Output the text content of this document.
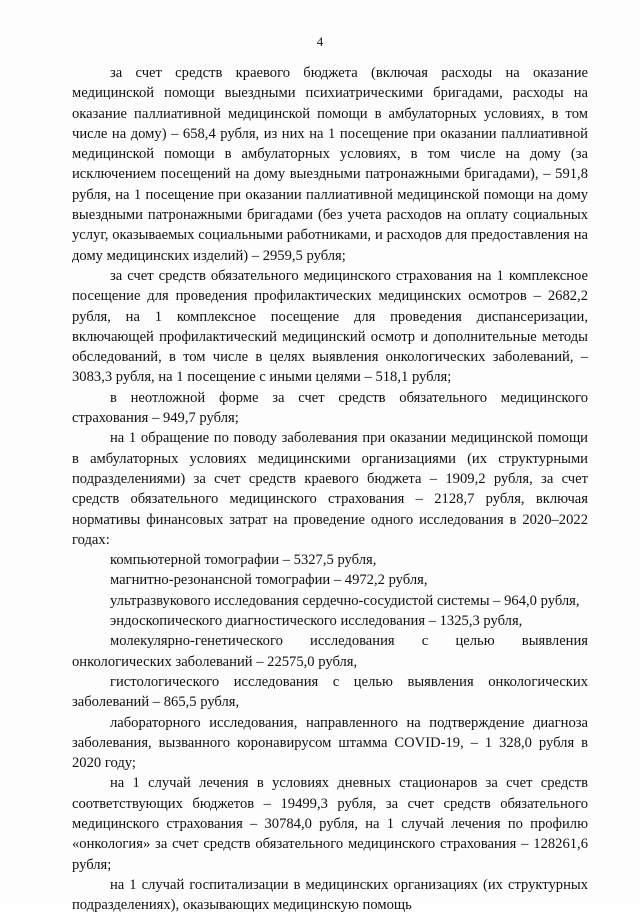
4

за счет средств краевого бюджета (включая расходы на оказание медицинской помощи выездными психиатрическими бригадами, расходы на оказание паллиативной медицинской помощи в амбулаторных условиях, в том числе на дому) – 658,4 рубля, из них на 1 посещение при оказании паллиативной медицинской помощи в амбулаторных условиях, в том числе на дому (за исключением посещений на дому выездными патронажными бригадами), – 591,8 рубля, на 1 посещение при оказании паллиативной медицинской помощи на дому выездными патронажными бригадами (без учета расходов на оплату социальных услуг, оказываемых социальными работниками, и расходов для предоставления на дому медицинских изделий) – 2959,5 рубля;

за счет средств обязательного медицинского страхования на 1 комплексное посещение для проведения профилактических медицинских осмотров – 2682,2 рубля, на 1 комплексное посещение для проведения диспансеризации, включающей профилактический медицинский осмотр и дополнительные методы обследований, в том числе в целях выявления онкологических заболеваний, – 3083,3 рубля, на 1 посещение с иными целями – 518,1 рубля;

в неотложной форме за счет средств обязательного медицинского страхования – 949,7 рубля;

на 1 обращение по поводу заболевания при оказании медицинской помощи в амбулаторных условиях медицинскими организациями (их структурными подразделениями) за счет средств краевого бюджета – 1909,2 рубля, за счет средств обязательного медицинского страхования – 2128,7 рубля, включая нормативы финансовых затрат на проведение одного исследования в 2020–2022 годах:

компьютерной томографии – 5327,5 рубля,

магнитно-резонансной томографии – 4972,2 рубля,

ультразвукового исследования сердечно-сосудистой системы – 964,0 рубля,

эндоскопического диагностического исследования – 1325,3 рубля,

молекулярно-генетического исследования с целью выявления онкологических заболеваний – 22575,0 рубля,

гистологического исследования с целью выявления онкологических заболеваний – 865,5 рубля,

лабораторного исследования, направленного на подтверждение диагноза заболевания, вызванного коронавирусом штамма COVID-19, – 1 328,0 рубля в 2020 году;

на 1 случай лечения в условиях дневных стационаров за счет средств соответствующих бюджетов – 19499,3 рубля, за счет средств обязательного медицинского страхования – 30784,0 рубля, на 1 случай лечения по профилю «онкология» за счет средств обязательного медицинского страхования – 128261,6 рубля;

на 1 случай госпитализации в медицинских организациях (их структурных подразделениях), оказывающих медицинскую помощь
